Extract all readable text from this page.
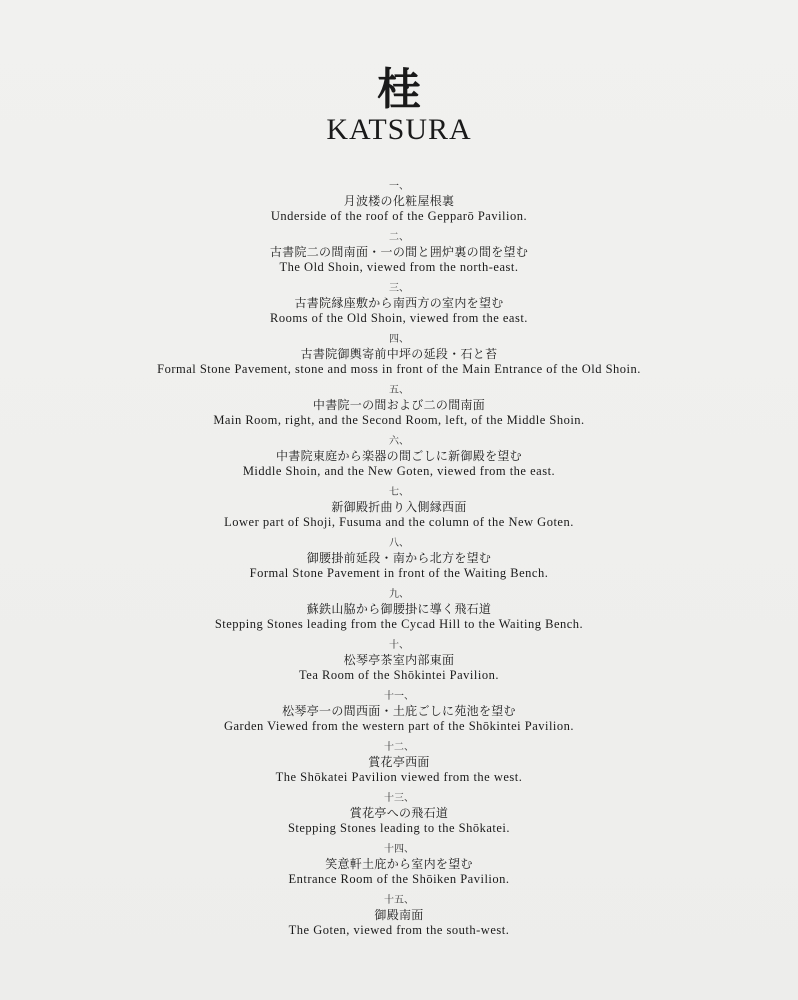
桂
KATSURA
一、
月波楼の化粧屋根裏
Underside of the roof of the Gepparō Pavilion.
二、
古書院二の間南面・一の間と囲炉裏の間を望む
The Old Shoin, viewed from the north-east.
三、
古書院縁座敷から南西方の室内を望む
Rooms of the Old Shoin, viewed from the east.
四、
古書院御輿寄前中坪の延段・石と苔
Formal Stone Pavement, stone and moss in front of the Main Entrance of the Old Shoin.
五、
中書院一の間および二の間南面
Main Room, right, and the Second Room, left, of the Middle Shoin.
六、
中書院東庭から楽器の間ごしに新御殿を望む
Middle Shoin, and the New Goten, viewed from the east.
七、
新御殿折曲り入側縁西面
Lower part of Shoji, Fusuma and the column of the New Goten.
八、
御腰掛前延段・南から北方を望む
Formal Stone Pavement in front of the Waiting Bench.
九、
蘇鉄山脇から御腰掛に導く飛石道
Stepping Stones leading from the Cycad Hill to the Waiting Bench.
十、
松琴亭茶室内部東面
Tea Room of the Shōkintei Pavilion.
十一、
松琴亭一の間西面・土庇ごしに苑池を望む
Garden Viewed from the western part of the Shōkintei Pavilion.
十二、
賞花亭西面
The Shōkatei Pavilion viewed from the west.
十三、
賞花亭への飛石道
Stepping Stones leading to the Shōkatei.
十四、
笑意軒土庇から室内を望む
Entrance Room of the Shōiken Pavilion.
十五、
御殿南面
The Goten, viewed from the south-west.
